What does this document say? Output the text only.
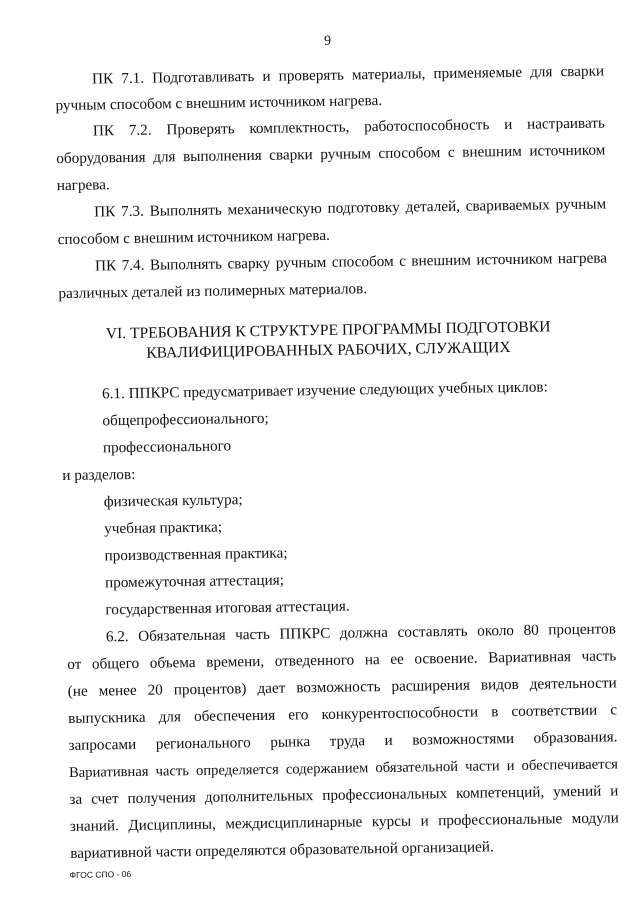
9
ПК 7.1. Подготавливать и проверять материалы, применяемые для сварки
ручным способом с внешним источником нагрева.
ПК 7.2. Проверять комплектность, работоспособность и настраивать
оборудования для выполнения сварки ручным способом с внешним источником
нагрева.
ПК 7.3. Выполнять механическую подготовку деталей, свариваемых ручным
способом с внешним источником нагрева.
ПК 7.4. Выполнять сварку ручным способом с внешним источником нагрева
различных деталей из полимерных материалов.
VI. ТРЕБОВАНИЯ К СТРУКТУРЕ ПРОГРАММЫ ПОДГОТОВКИ
КВАЛИФИЦИРОВАННЫХ РАБОЧИХ, СЛУЖАЩИХ
6.1. ППКРС предусматривает изучение следующих учебных циклов:
общепрофессионального;
профессионального
и разделов:
физическая культура;
учебная практика;
производственная практика;
промежуточная аттестация;
государственная итоговая аттестация.
6.2. Обязательная часть ППКРС должна составлять около 80 процентов
от общего объема времени, отведенного на ее освоение. Вариативная часть
(не менее 20 процентов) дает возможность расширения видов деятельности
выпускника для обеспечения его конкурентоспособности в соответствии с
запросами регионального рынка труда и возможностями образования.
Вариативная часть определяется содержанием обязательной части и обеспечивается
за счет получения дополнительных профессиональных компетенций, умений и
знаний. Дисциплины, междисциплинарные курсы и профессиональные модули
вариативной части определяются образовательной организацией.
ФГОС СПО - 06
